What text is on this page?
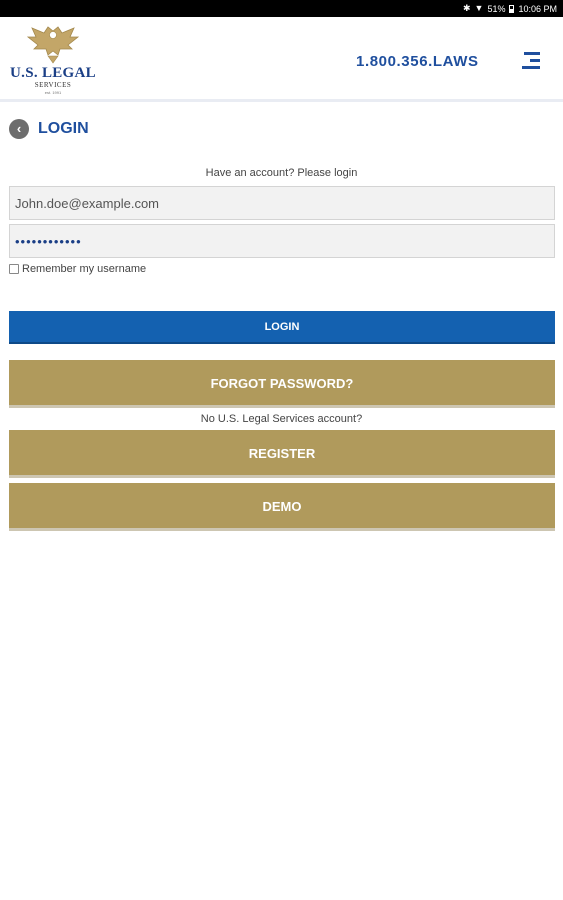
✱ ▼ 51% 10:06 PM
U.S. LEGAL
SERVICES
est. 1991
1.800.356.LAWS
‹	LOGIN
Have an account? Please login
John.doe@example.com
••••••••••••
Remember my username
LOGIN
FORGOT PASSWORD?
No U.S. Legal Services account?
REGISTER
DEMO
